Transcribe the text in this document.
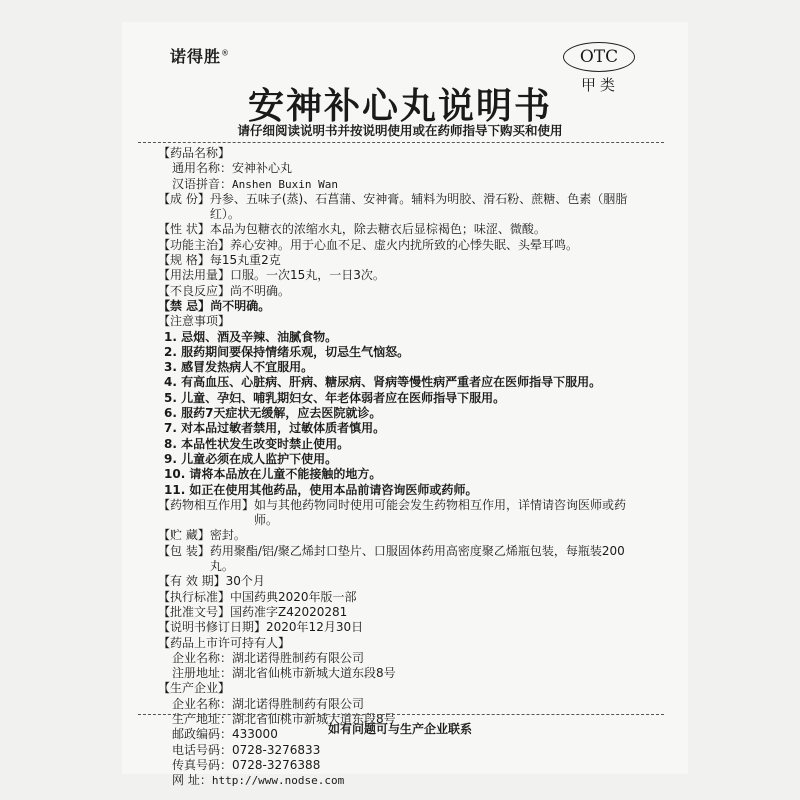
诺得胜®	OTC
甲类
安神补心丸说明书
请仔细阅读说明书并按说明使用或在药师指导下购买和使用
【药品名称】
通用名称： 安神补心丸
汉语拼音： Anshen Buxin Wan
【成 份】 丹参、五味子(蒸)、石菖蒲、安神膏。辅料为明胶、滑石粉、蔗糖、色素（胭脂红）。
【性 状】 本品为包糖衣的浓缩水丸，除去糖衣后显棕褐色；味涩、微酸。
【功能主治】 养心安神。用于心血不足、虚火内扰所致的心悸失眠、头晕耳鸣。
【规 格】 每15丸重2克
【用法用量】 口服。一次15丸，一日3次。
【不良反应】 尚不明确。
【禁 忌】 尚不明确。
【注意事项】
1. 忌烟、酒及辛辣、油腻食物。
2. 服药期间要保持情绪乐观，切忌生气恼怒。
3. 感冒发热病人不宜服用。
4. 有高血压、心脏病、肝病、糖尿病、肾病等慢性病严重者应在医师指导下服用。
5. 儿童、孕妇、哺乳期妇女、年老体弱者应在医师指导下服用。
6. 服药7天症状无缓解，应去医院就诊。
7. 对本品过敏者禁用，过敏体质者慎用。
8. 本品性状发生改变时禁止使用。
9. 儿童必须在成人监护下使用。
10. 请将本品放在儿童不能接触的地方。
11. 如正在使用其他药品，使用本品前请咨询医师或药师。
【药物相互作用】 如与其他药物同时使用可能会发生药物相互作用，详情请咨询医师或药师。
【贮 藏】 密封。
【包 装】 药用聚酯/铝/聚乙烯封口垫片、口服固体药用高密度聚乙烯瓶包装，每瓶装200丸。
【有 效 期】 30个月
【执行标准】 中国药典2020年版一部
【批准文号】 国药准字Z42020281
【说明书修订日期】 2020年12月30日
【药品上市许可持有人】
企业名称： 湖北诺得胜制药有限公司
注册地址： 湖北省仙桃市新城大道东段8号
【生产企业】
企业名称： 湖北诺得胜制药有限公司
生产地址： 湖北省仙桃市新城大道东段8号
邮政编码： 433000
电话号码： 0728-3276833
传真号码： 0728-3276388
网 址： http://www.nodse.com
如有问题可与生产企业联系
